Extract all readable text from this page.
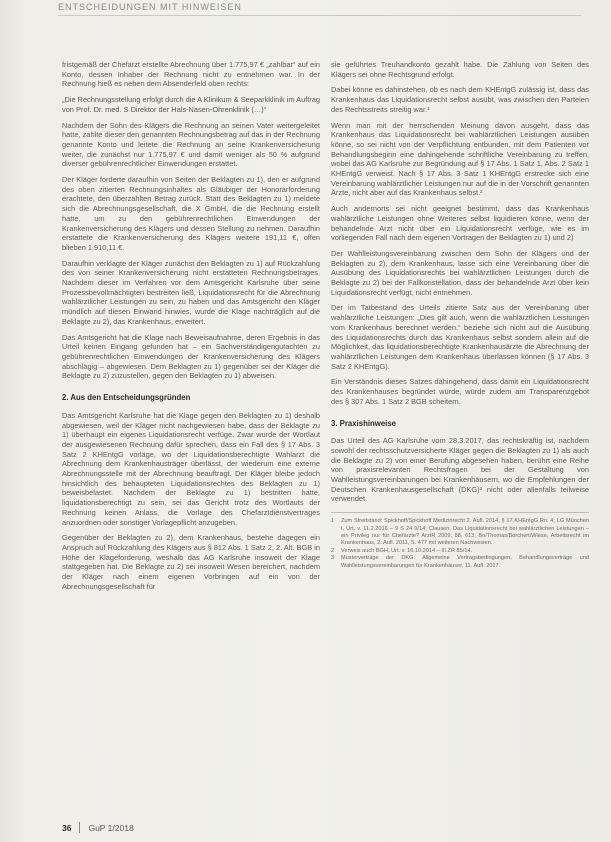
ENTSCHEIDUNGEN MIT HINWEISEN

fristgemäß der Chefarzt erstellte Abrechnung über 1.775,97 € „zahlbar“ auf ein Konto, dessen Inhaber der Rechnung nicht zu entnehmen war. In der Rechnung hieß es neben dem Absenderfeld oben rechts:

„Die Rechnungsstellung erfolgt durch die A Klinikum & Seeparkklinik im Auftrag von Prof. Dr. med. S Direktor der Hals-Nasen-Ohrenklinik (…)“

Nachdem der Sohn des Klägers die Rechnung an seinen Vater weitergeleitet hatte, zahlte dieser den genannten Rechnungsbetrag auf das in der Rechnung genannte Konto und leitete die Rechnung an seine Krankenversicherung weiter, die zunächst nur 1.775,97 € und damit weniger als 50 % aufgrund diverser gebührenrechtlicher Einwendungen erstattet.

Der Kläger forderte daraufhin von Seiten der Beklagten zu 1), den er aufgrund des oben zitierten Rechnungsinhaltes als Gläubiger der Honorarforderung erachtete, den überzahlten Betrag zurück. Statt des Beklagten zu 1) meldete sich die Abrechnungsgesellschaft, die X GmbH, die die Rechnung erstellt hatte, um zu den gebührenrechtlichen Einwendungen der Krankenversicherung des Klägers und dessen Stellung zu nehmen. Daraufhin erstattete die Krankenversicherung des Klägers weitere 191,11 €, offen blieben 1.910,11 €.

Daraufhin verklagte der Kläger zunächst den Beklagten zu 1) auf Rückzahlung des von seiner Krankenversicherung nicht erstatteten Rechnungsbetrages. Nachdem dieser im Verfahren vor dem Amtsgericht Karlsruhe über seine Prozessbevollmächtigten bestreiten ließ, Liquidationsrecht für die Abrechnung wahlärztlicher Leistungen zu sein, zu haben und das Amtsgericht den Kläger mündlich auf diesen Einwand hinwies, wurde die Klage nachträglich auf die Beklagte zu 2), das Krankenhaus, erweitert.

Das Amtsgericht hat die Klage nach Beweisaufnahme, deren Ergebnis in das Urteil keinen Eingang gefunden hat – ein Sachverständigengutachten zu gebührenrechtlichen Einwendungen der Krankenversicherung des Klägers abschlägig – abgewiesen. Dem Beklagten zu 1) gegenüber sei der Kläger die Beklagte zu 2) zuzustellen, gegen den Beklagten zu 1) abweisen.

2. Aus den Entscheidungsgründen

Das Amtsgericht Karlsruhe hat die Klage gegen den Beklagten zu 1) deshalb abgewiesen, weil der Kläger nicht nachgewiesen habe, dass der Beklagte zu 1) überhaupt ein eigenes Liquidationsrecht verfüge. Zwar wurde der Wortlaut der ausgewiesenen Rechnung dafür sprechen, dass ein Fall des § 17 Abs. 3 Satz 2 KHEntgG vorläge, wo der Liquidationsberechtigte Wahlarzt die Abrechnung dem Krankenhausträger überlässt, der wiederum eine externe Abrechnungsstelle mit der Abrechnung beauftragt. Der Kläger bleibe jedoch hinsichtlich des behaupteten Liquidationsrechtes des Beklagten zu 1) beweisbelastet. Nachdem der Beklagte zu 1) bestritten hatte, liquidationsberechtigt zu sein, sei das Gericht trotz des Wortlauts der Rechnung keinen Anlass, die Vorlage des Chefarztdienstvertrages anzuordnen oder sonstiger Vorlagepflicht anzugeben.

Gegenüber der Beklagten zu 2), dem Krankenhaus, bestehe dagegen ein Anspruch auf Rückzahlung des Klägers aus § 812 Abs. 1 Satz 2, 2. Alt. BGB in Höhe der Klageforderung, weshalb das AG Karlsruhe insoweit der Klage stattgegeben hat. Die Beklagte zu 2) sei insoweit Wesen bereichert, nachdem der Kläger nach einem eigenen Vorbringen auf ein von der Abrechnungsgesellschaft für

sie geführtes Treuhandkonto gezahlt habe. Die Zahlung von Seiten des Klägers sei ohne Rechtsgrund erfolgt.

Dabei könne es dahinstehen, ob es nach dem KHEntgG zulässig ist, dass das Krankenhaus das Liquidationsrecht selbst ausübt, was zwischen den Parteien des Rechtsstreits streitig war.¹

Wenn man mit der herrschenden Meinung davon ausgeht, dass das Krankenhaus das Liquidationsrecht bei wahlärztlichen Leistungen ausüben könne, so sei nicht von der Verpflichtung entbunden, mit dem Patienten vor Behandlungsbeginn eine dahingehende schriftliche Vereinbarung zu treffen, wobei das AG Karlsruhe zur Begründung auf § 17 Abs. 1 Satz 1, Abs. 2 Satz 1 KHEntgG verweist. Nach § 17 Abs. 3 Satz 1 KHEntgG erstrecke sich eine Vereinbarung wahlärztlicher Leistungen nur auf die in der Vorschrift genannten Ärzte, nicht aber auf das Krankenhaus selbst.²

Auch andernorts sei nicht geeignet bestimmt, dass das Krankenhaus wahlärztliche Leistungen ohne Weiteres selbst liquidieren könne, wenn der behandelnde Arzt nicht über ein Liquidationsrecht verfüge, wie es im vorliegenden Fall nach dem eigenen Vortragen der Beklagten zu 1) und 2)

Der Wahlleistungsvereinbarung zwischen dem Sohn der Klägers und der Beklagten zu 2), dem Krankenhaus, lasse sich eine Vereinbarung über die Ausübung des Liquidationsrechts bei wahlärztlichen Leistungen durch die Beklagte zu 2) bei der Fallkonstellation, dass der behandelnde Arzt über kein Liquidationsrecht verfügt, nicht entnehmen.

Der im Tatbestand des Urteils zitierte Satz aus der Vereinbarung über wahlärztliche Leistungen: „Dies gilt auch, wenn die wahlärztlichen Leistungen vom Krankenhaus berechnet werden.“ beziehe sich nicht auf die Ausübung des Liquidationsrechts durch das Krankenhaus selbst sondern allein auf die Möglichkeit, das liquidationsberechtigte Krankenhausärzte die Abrechnung der wahlärztlichen Leistungen dem Krankenhaus überlassen können (§ 17 Abs. 3 Satz 2 KHEntgG).

Ein Verständnis dieses Satzes dahingehend, dass damit ein Liquidationsrecht des Krankenhauses begründet würde, würde zudem am Transparenzgebot des § 307 Abs. 1 Satz 2 BGB scheitern.

3. Praxishinweise

Das Urteil des AG Karlsruhe vom 28.3.2017, das rechtskräftig ist, nachdem sowohl der rechtsschutzversicherte Kläger gegen die Beklagten zu 1) als auch die Beklagte zu 2) von einer Berufung abgesehen haben, berührt eine Reihe von praxisrelevanten Rechtsfragen bei der Gestaltung von Wahlleistungsvereinbarungen bei Krankenhäusern, wo die Empfehlungen der Deutschen Krankenhausgesellschaft (DKG)³ nicht oder allenfalls teilweise verwendet.

1	Zum Streitstand: Spickhoff/Spickhoff Medizinrecht 2. Aufl. 2014, § 17 KHEntgG Rn. 4; LG München I, Urt. v. 11.2.2016 – 9 S 24 9/14; Clausen, Das Liquidationsrecht bei wahlärztlichen Leistungen – ein Privileg nur für Chefärzte? ArztR 2009, 88, 613; Bo/Thomas/Borchert/Wiese, Arbeitsrecht im Krankenhaus, 2. Aufl. 2011, S. 477 mit weiteren Nachweisen.
2	Verweis auch BGH, Urt. v. 16.10.2014 – III ZR 85/14.
3	Musterverträge der DKG: Allgemeine Vertragsbedingungen, Behandlungsverträge und Wahlleistungsvereinbarungen für Krankenhäuser, 11. Aufl. 2017.
36 GuP 1/2018
